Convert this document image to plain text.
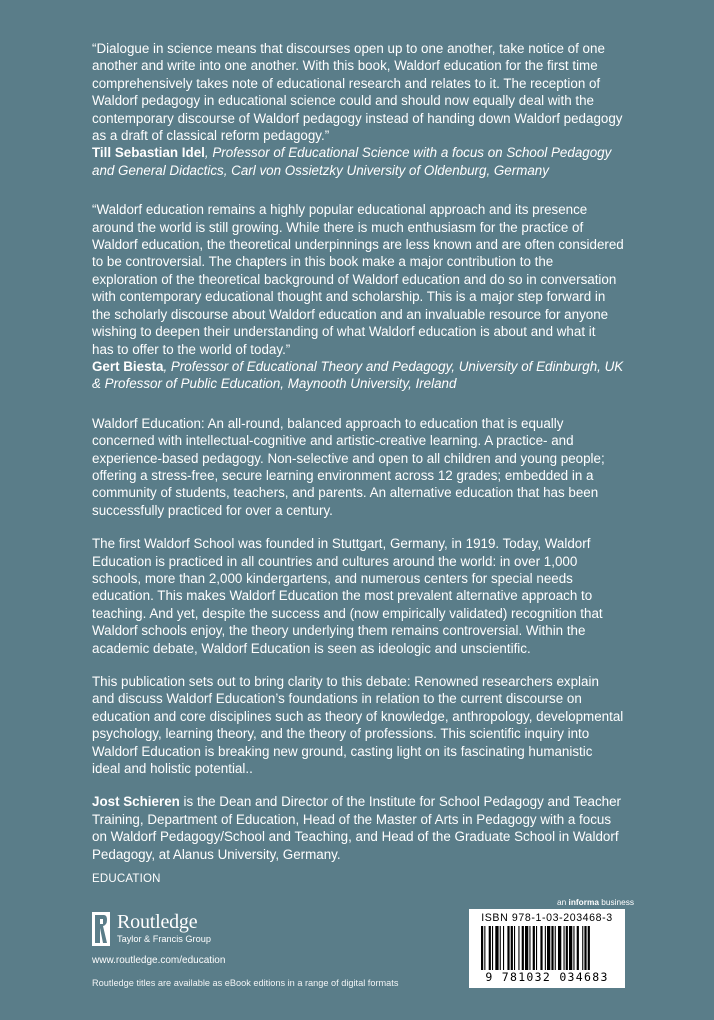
“Dialogue in science means that discourses open up to one another, take notice of one

another and write into one another. With this book, Waldorf education for the first time

comprehensively takes note of educational research and relates to it. The reception of

Waldorf pedagogy in educational science could and should now equally deal with the

contemporary discourse of Waldorf pedagogy instead of handing down Waldorf pedagogy

as a draft of classical reform pedagogy.”

Till Sebastian Idel, Professor of Educational Science with a focus on School Pedagogy

and General Didactics, Carl von Ossietzky University of Oldenburg, Germany

“Waldorf education remains a highly popular educational approach and its presence

around the world is still growing. While there is much enthusiasm for the practice of

Waldorf education, the theoretical underpinnings are less known and are often considered

to be controversial. The chapters in this book make a major contribution to the

exploration of the theoretical background of Waldorf education and do so in conversation

with contemporary educational thought and scholarship. This is a major step forward in

the scholarly discourse about Waldorf education and an invaluable resource for anyone

wishing to deepen their understanding of what Waldorf education is about and what it

has to offer to the world of today.”

Gert Biesta, Professor of Educational Theory and Pedagogy, University of Edinburgh, UK

& Professor of Public Education, Maynooth University, Ireland

Waldorf Education: An all-round, balanced approach to education that is equally
concerned with intellectual-cognitive and artistic-creative learning. A practice- and
experience-based pedagogy. Non-selective and open to all children and young people;
offering a stress-free, secure learning environment across 12 grades; embedded in a
community of students, teachers, and parents. An alternative education that has been
successfully practiced for over a century.
The first Waldorf School was founded in Stuttgart, Germany, in 1919. Today, Waldorf
Education is practiced in all countries and cultures around the world: in over 1,000
schools, more than 2,000 kindergartens, and numerous centers for special needs
education. This makes Waldorf Education the most prevalent alternative approach to
teaching. And yet, despite the success and (now empirically validated) recognition that
Waldorf schools enjoy, the theory underlying them remains controversial. Within the
academic debate, Waldorf Education is seen as ideologic and unscientific.
This publication sets out to bring clarity to this debate: Renowned researchers explain
and discuss Waldorf Education’s foundations in relation to the current discourse on
education and core disciplines such as theory of knowledge, anthropology, developmental
psychology, learning theory, and the theory of professions. This scientific inquiry into
Waldorf Education is breaking new ground, casting light on its fascinating humanistic
ideal and holistic potential..
Jost Schieren is the Dean and Director of the Institute for School Pedagogy and Teacher
Training, Department of Education, Head of the Master of Arts in Pedagogy with a focus
on Waldorf Pedagogy/School and Teaching, and Head of the Graduate School in Waldorf
Pedagogy, at Alanus University, Germany.
EDUCATION
Routledge
Taylor & Francis Group
www.routledge.com/education
Routledge titles are available as eBook editions in a range of digital formats
an informa business
ISBN 978-1-03-203468-3
9 781032 034683
